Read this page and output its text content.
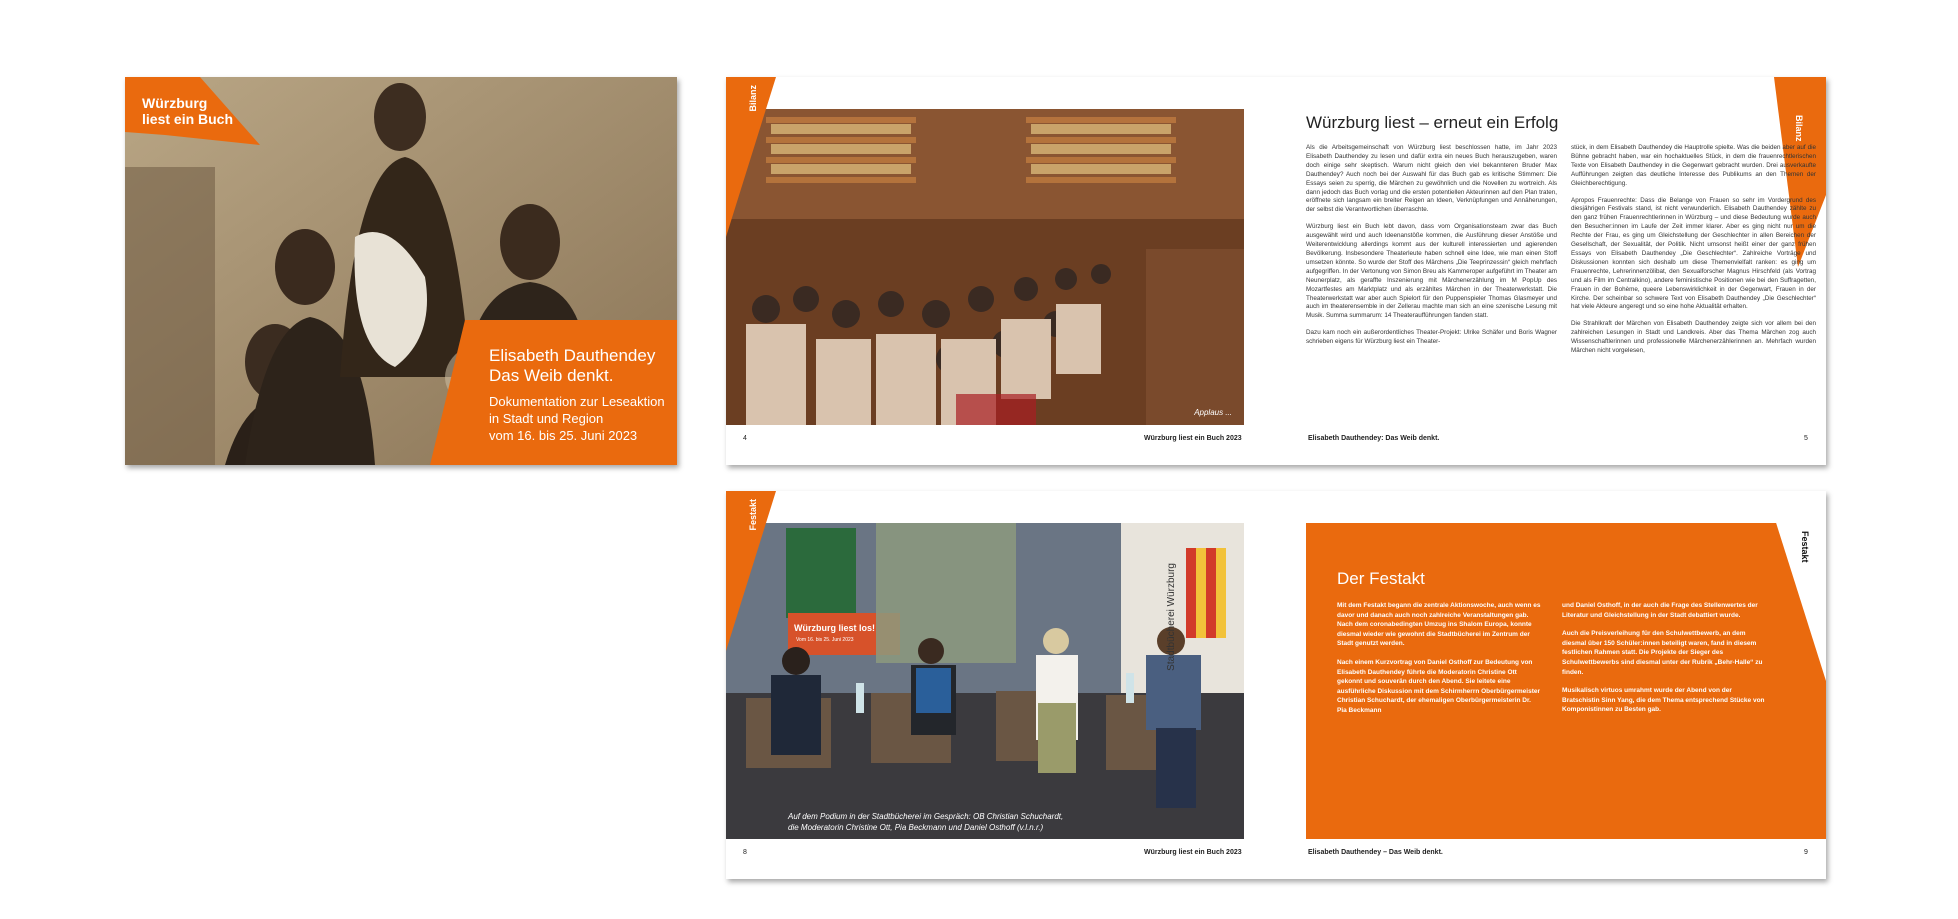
Würzburg
liest ein Buch
Elisabeth Dauthendey
Das Weib denkt.
Dokumentation zur Leseaktion
in Stadt und Region
vom 16. bis 25. Juni 2023
Applaus ...
Bilanz
Bilanz
Würzburg liest – erneut ein Erfolg

Als die Arbeitsgemeinschaft von Würzburg liest beschlossen hatte, im Jahr 2023 Elisabeth Dauthendey zu lesen und dafür extra ein neues Buch herauszugeben, waren doch einige sehr skeptisch. Warum nicht gleich den viel bekannteren Bruder Max Dauthendey? Auch noch bei der Auswahl für das Buch gab es kritische Stimmen: Die Essays seien zu sperrig, die Märchen zu gewöhnlich und die Novellen zu wortreich. Als dann jedoch das Buch vorlag und die ersten potentiellen Akteurinnen auf den Plan traten, eröffnete sich langsam ein breiter Reigen an Ideen, Verknüpfungen und Annäherungen, der selbst die Verantwortlichen überraschte.

Würzburg liest ein Buch lebt davon, dass vom Organisationsteam zwar das Buch ausgewählt wird und auch Ideenanstöße kommen, die Ausführung dieser Anstöße und Weiterentwicklung allerdings kommt aus der kulturell interessierten und agierenden Bevölkerung. Insbesondere Theaterleute haben schnell eine Idee, wie man einen Stoff umsetzen könnte. So wurde der Stoff des Märchens „Die Teeprinzessin“ gleich mehrfach aufgegriffen. In der Vertonung von Simon Breu als Kammeroper aufgeführt im Theater am Neunerplatz, als geraffte Inszenierung mit Märchenerzählung im M PopUp des Mozartfestes am Marktplatz und als erzähltes Märchen in der Theaterwerkstatt. Die Theaterwerkstatt war aber auch Spielort für den Puppenspieler Thomas Glasmeyer und auch im theaterensemble in der Zellerau machte man sich an eine szenische Lesung mit Musik. Summa summarum: 14 Theateraufführungen fanden statt.

Dazu kam noch ein außerordentliches Theater-Projekt: Ulrike Schäfer und Boris Wagner schrieben eigens für Würzburg liest ein Theater-

stück, in dem Elisabeth Dauthendey die Hauptrolle spielte. Was die beiden aber auf die Bühne gebracht haben, war ein hochaktuelles Stück, in dem die frauenrechtlerischen Texte von Elisabeth Dauthendey in die Gegenwart gebracht wurden. Drei ausverkaufte Aufführungen zeigten das deutliche Interesse des Publikums an den Themen der Gleichberechtigung.

Apropos Frauenrechte: Dass die Belange von Frauen so sehr im Vordergrund des diesjährigen Festivals stand, ist nicht verwunderlich. Elisabeth Dauthendey zählte zu den ganz frühen Frauenrechtlerinnen in Würzburg – und diese Bedeutung wurde auch den Besucher:innen im Laufe der Zeit immer klarer. Aber es ging nicht nur um die Rechte der Frau, es ging um Gleichstellung der Geschlechter in allen Bereichen der Gesellschaft, der Sexualität, der Politik. Nicht umsonst heißt einer der ganz frühen Essays von Elisabeth Dauthendey „Die Geschlechter“. Zahlreiche Vorträge und Diskussionen konnten sich deshalb um diese Themenvielfalt ranken: es ging um Frauenrechte, Lehrerinnenzölibat, den Sexualforscher Magnus Hirschfeld (als Vortrag und als Film im Centralkino), andere feministische Positionen wie bei den Suffragetten, Frauen in der Bohème, queere Lebenswirklichkeit in der Gegenwart, Frauen in der Kirche. Der scheinbar so schwere Text von Elisabeth Dauthendey „Die Geschlechter“ hat viele Akteure angeregt und so eine hohe Aktualität erhalten.

Die Strahlkraft der Märchen von Elisabeth Dauthendey zeigte sich vor allem bei den zahlreichen Lesungen in Stadt und Landkreis. Aber das Thema Märchen zog auch Wissenschaftlerinnen und professionelle Märchenerzählerinnen an. Mehrfach wurden Märchen nicht vorgelesen,

4	Würzburg liest ein Buch 2023	Elisabeth Dauthendey: Das Weib denkt.	5
Würzburg liest los!
Vom 16. bis 25. Juni 2023	Stadtbücherei Würzburg
Auf dem Podium in der Stadtbücherei im Gespräch: OB Christian Schuchardt,
die Moderatorin Christine Ott, Pia Beckmann und Daniel Osthoff (v.l.n.r.)
Festakt
Festakt
Der Festakt

Mit dem Festakt begann die zentrale Aktionswoche, auch wenn es davor und danach auch noch zahlreiche Veranstaltungen gab. Nach dem coronabedingten Umzug ins Shalom Europa, konnte diesmal wieder wie gewohnt die Stadtbücherei im Zentrum der Stadt genutzt werden.

Nach einem Kurzvortrag von Daniel Osthoff zur Bedeutung von Elisabeth Dauthendey führte die Moderatorin Christine Ott gekonnt und souverän durch den Abend. Sie leitete eine ausführliche Diskussion mit dem Schirmherrn Oberbürgermeister Christian Schuchardt, der ehemaligen Oberbürgermeisterin Dr. Pia Beckmann

und Daniel Osthoff, in der auch die Frage des Stellenwertes der Literatur und Gleichstellung in der Stadt debattiert wurde.

Auch die Preisverleihung für den Schulwettbewerb, an dem diesmal über 150 Schüler:innen beteiligt waren, fand in diesem festlichen Rahmen statt. Die Projekte der Sieger des Schulwettbewerbs sind diesmal unter der Rubrik „Behr-Halle“ zu finden.

Musikalisch virtuos umrahmt wurde der Abend von der Bratschistin Sinn Yang, die dem Thema entsprechend Stücke von Komponistinnen zu Besten gab.

8	Würzburg liest ein Buch 2023	Elisabeth Dauthendey – Das Weib denkt.	9
